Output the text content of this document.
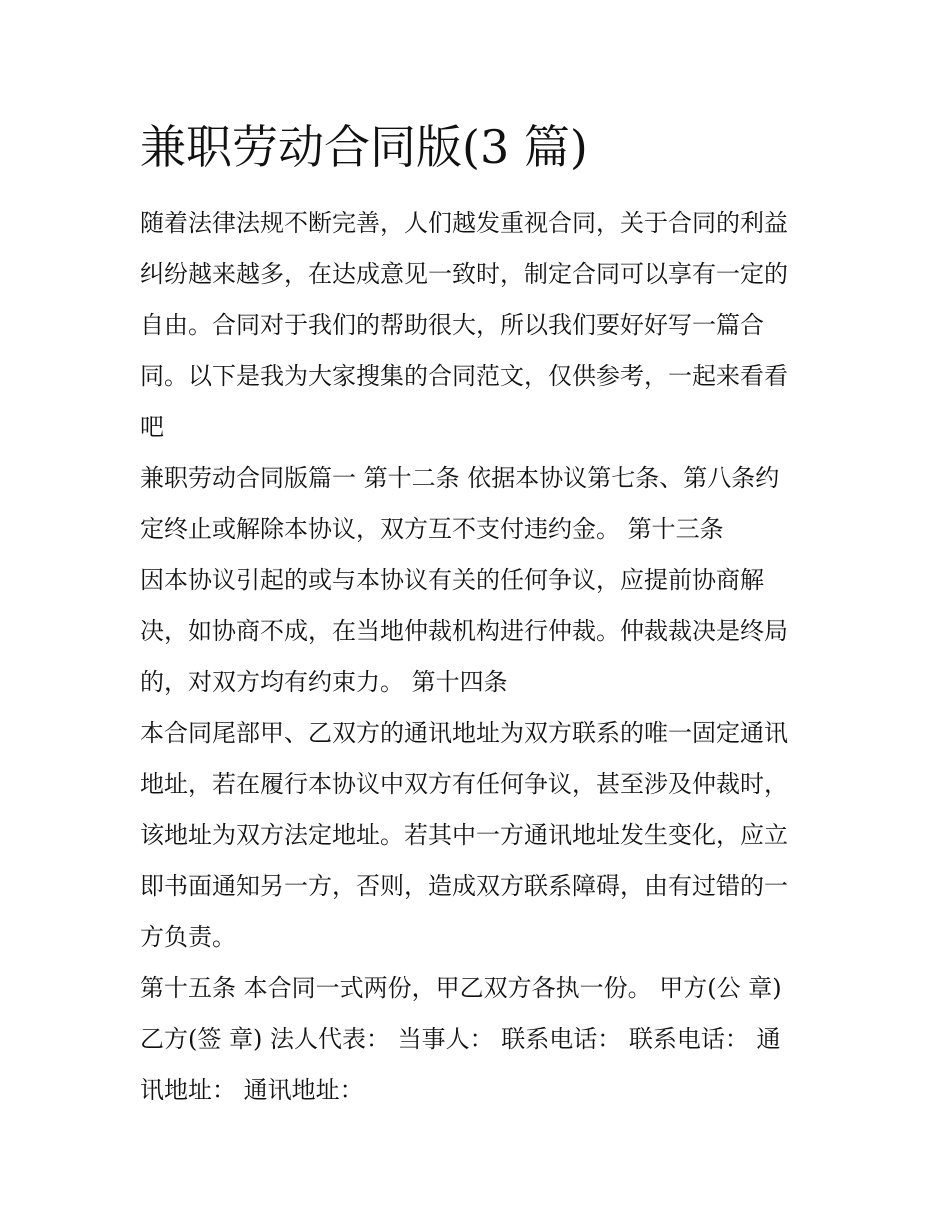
兼职劳动合同版(3 篇)

随着法律法规不断完善，人们越发重视合同，关于合同的利益
纠纷越来越多，在达成意见一致时，制定合同可以享有一定的
自由。合同对于我们的帮助很大，所以我们要好好写一篇合
同。以下是我为大家搜集的合同范文，仅供参考，一起来看看
吧

兼职劳动合同版篇一 第十二条 依据本协议第七条、第八条约
定终止或解除本协议，双方互不支付违约金。 第十三条

因本协议引起的或与本协议有关的任何争议，应提前协商解
决，如协商不成，在当地仲裁机构进行仲裁。仲裁裁决是终局
的，对双方均有约束力。 第十四条

本合同尾部甲、乙双方的通讯地址为双方联系的唯一固定通讯
地址，若在履行本协议中双方有任何争议，甚至涉及仲裁时，
该地址为双方法定地址。若其中一方通讯地址发生变化，应立
即书面通知另一方，否则，造成双方联系障碍，由有过错的一
方负责。

第十五条 本合同一式两份，甲乙双方各执一份。 甲方(公 章)
乙方(签 章) 法人代表： 当事人： 联系电话： 联系电话： 通
讯地址： 通讯地址：
